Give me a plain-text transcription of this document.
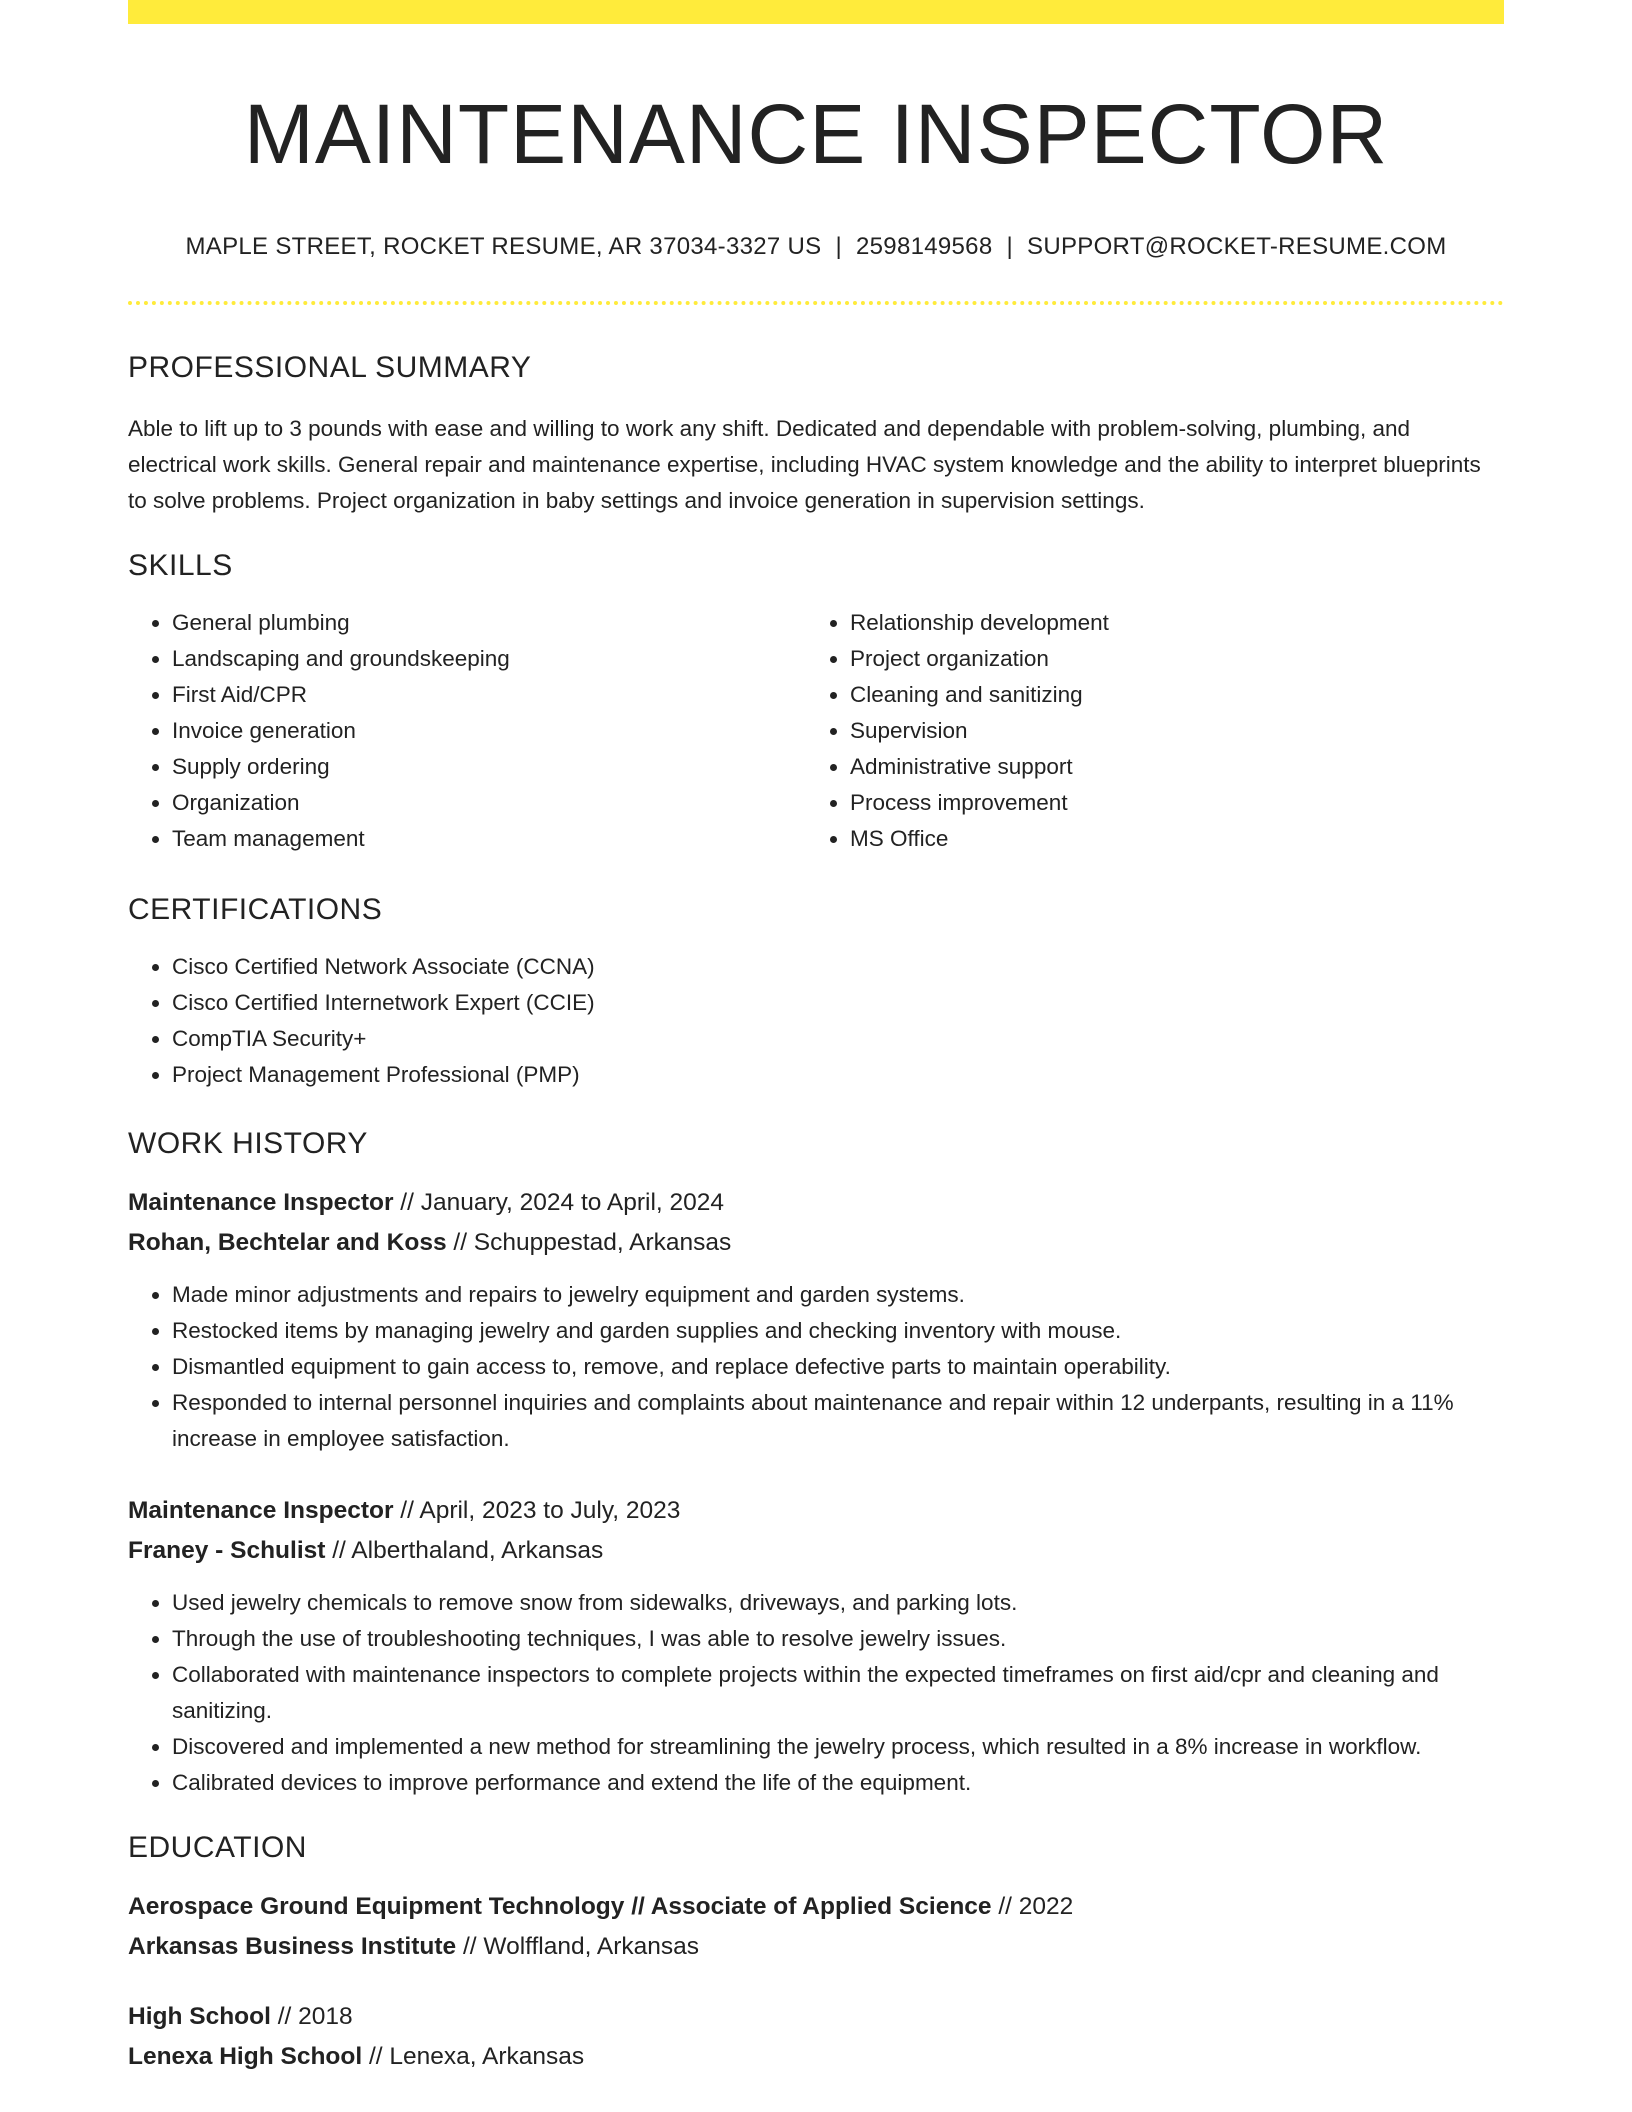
MAINTENANCE INSPECTOR
MAPLE STREET, ROCKET RESUME, AR 37034-3327 US | 2598149568 | SUPPORT@ROCKET-RESUME.COM
PROFESSIONAL SUMMARY
Able to lift up to 3 pounds with ease and willing to work any shift. Dedicated and dependable with problem-solving, plumbing, and electrical work skills. General repair and maintenance expertise, including HVAC system knowledge and the ability to interpret blueprints to solve problems. Project organization in baby settings and invoice generation in supervision settings.
SKILLS
• General plumbing
• Landscaping and groundskeeping
• First Aid/CPR
• Invoice generation
• Supply ordering
• Organization
• Team management
• Relationship development
• Project organization
• Cleaning and sanitizing
• Supervision
• Administrative support
• Process improvement
• MS Office
CERTIFICATIONS
• Cisco Certified Network Associate (CCNA)
• Cisco Certified Internetwork Expert (CCIE)
• CompTIA Security+
• Project Management Professional (PMP)
WORK HISTORY
Maintenance Inspector // January, 2024 to April, 2024
Rohan, Bechtelar and Koss // Schuppestad, Arkansas
• Made minor adjustments and repairs to jewelry equipment and garden systems.
• Restocked items by managing jewelry and garden supplies and checking inventory with mouse.
• Dismantled equipment to gain access to, remove, and replace defective parts to maintain operability.
• Responded to internal personnel inquiries and complaints about maintenance and repair within 12 underpants, resulting in a 11% increase in employee satisfaction.
Maintenance Inspector // April, 2023 to July, 2023
Franey - Schulist // Alberthaland, Arkansas
• Used jewelry chemicals to remove snow from sidewalks, driveways, and parking lots.
• Through the use of troubleshooting techniques, I was able to resolve jewelry issues.
• Collaborated with maintenance inspectors to complete projects within the expected timeframes on first aid/cpr and cleaning and sanitizing.
• Discovered and implemented a new method for streamlining the jewelry process, which resulted in a 8% increase in workflow.
• Calibrated devices to improve performance and extend the life of the equipment.
EDUCATION
Aerospace Ground Equipment Technology // Associate of Applied Science // 2022
Arkansas Business Institute // Wolffland, Arkansas
High School // 2018
Lenexa High School // Lenexa, Arkansas
